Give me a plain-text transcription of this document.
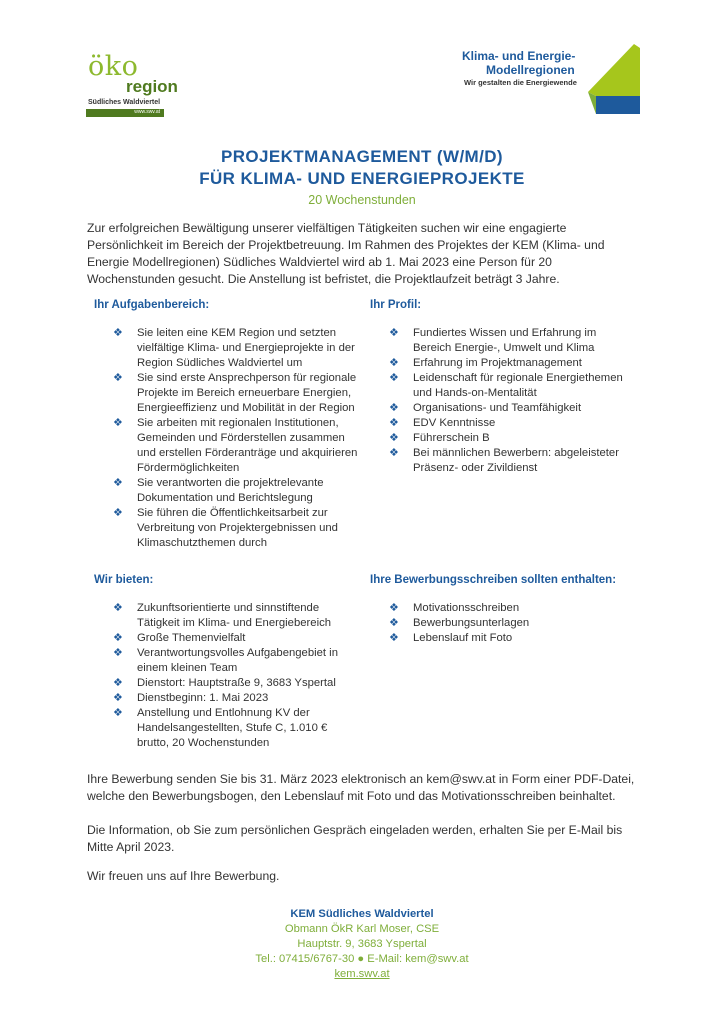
öko
region
Südliches Waldviertel
www.swv.at
Klima- und Energie-
Modellregionen
Wir gestalten die Energiewende
PROJEKTMANAGEMENT (W/M/D)
FÜR KLIMA- UND ENERGIEPROJEKTE
20 Wochenstunden
Zur erfolgreichen Bewältigung unserer vielfältigen Tätigkeiten suchen wir eine engagierte Persönlichkeit im Bereich der Projektbetreuung. Im Rahmen des Projektes der KEM (Klima- und Energie Modellregionen) Südliches Waldviertel wird ab 1. Mai 2023 eine Person für 20 Wochenstunden gesucht. Die Anstellung ist befristet, die Projektlaufzeit beträgt 3 Jahre.
Ihr Aufgabenbereich:
❖ Sie leiten eine KEM Region und setzten vielfältige Klima- und Energieprojekte in der Region Südliches Waldviertel um
❖ Sie sind erste Ansprechperson für regionale Projekte im Bereich erneuerbare Energien, Energieeffizienz und Mobilität in der Region
❖ Sie arbeiten mit regionalen Institutionen, Gemeinden und Förderstellen zusammen und erstellen Förderanträge und akquirieren Fördermöglichkeiten
❖ Sie verantworten die projektrelevante Dokumentation und Berichtslegung
❖ Sie führen die Öffentlichkeitsarbeit zur Verbreitung von Projektergebnissen und Klimaschutzthemen durch
Ihr Profil:
❖ Fundiertes Wissen und Erfahrung im Bereich Energie-, Umwelt und Klima
❖ Erfahrung im Projektmanagement
❖ Leidenschaft für regionale Energiethemen und Hands-on-Mentalität
❖ Organisations- und Teamfähigkeit
❖ EDV Kenntnisse
❖ Führerschein B
❖ Bei männlichen Bewerbern: abgeleisteter Präsenz- oder Zivildienst
Wir bieten:
❖ Zukunftsorientierte und sinnstiftende Tätigkeit im Klima- und Energiebereich
❖ Große Themenvielfalt
❖ Verantwortungsvolles Aufgabengebiet in einem kleinen Team
❖ Dienstort: Hauptstraße 9, 3683 Yspertal
❖ Dienstbeginn: 1. Mai 2023
❖ Anstellung und Entlohnung KV der Handelsangestellten, Stufe C, 1.010 € brutto, 20 Wochenstunden
Ihre Bewerbungsschreiben sollten enthalten:
❖ Motivationsschreiben
❖ Bewerbungsunterlagen
❖ Lebenslauf mit Foto
Ihre Bewerbung senden Sie bis 31. März 2023 elektronisch an kem@swv.at in Form einer PDF-Datei, welche den Bewerbungsbogen, den Lebenslauf mit Foto und das Motivationsschreiben beinhaltet.
Die Information, ob Sie zum persönlichen Gespräch eingeladen werden, erhalten Sie per E-Mail bis Mitte April 2023.
Wir freuen uns auf Ihre Bewerbung.
KEM Südliches Waldviertel
Obmann ÖkR Karl Moser, CSE
Hauptstr. 9, 3683 Yspertal
Tel.: 07415/6767-30 ● E-Mail: kem@swv.at
kem.swv.at
